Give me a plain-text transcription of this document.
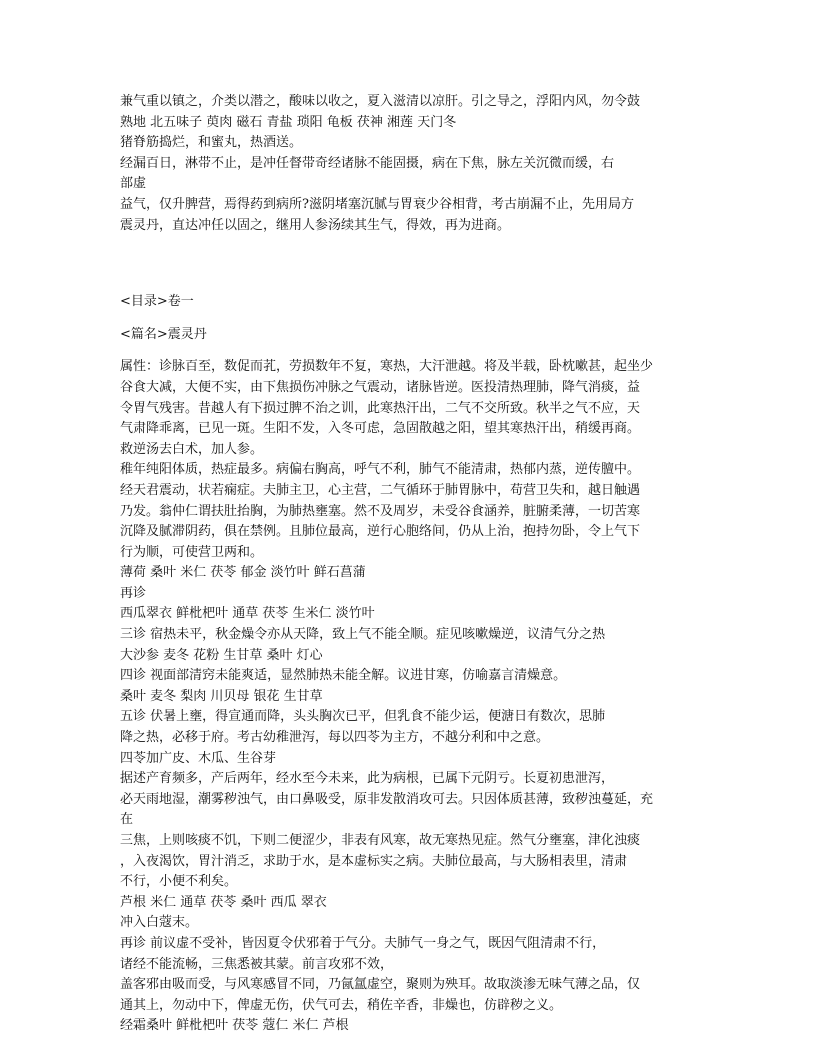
兼气重以镇之，介类以潜之，酸味以收之，夏入滋清以凉肝。引之导之，浮阳内风，勿令鼓

熟地 北五味子 萸肉 磁石 青盐 琐阳 龟板 茯神 湘莲 天门冬

猪脊筋捣烂，和蜜丸，热酒送。

经漏百日，淋带不止，是冲任督带奇经诸脉不能固摄，病在下焦，脉左关沉微而缓，右

部虚

益气，仅升脾营，焉得药到病所?滋阴堵塞沉腻与胃衰少谷相背，考古崩漏不止，先用局方

震灵丹，直达冲任以固之，继用人参汤续其生气，得效，再为进商。

<目录>卷一

<篇名>震灵丹

属性：诊脉百至，数促而芤，劳损数年不复，寒热，大汗泄越。将及半载，卧枕嗽甚，起坐少

谷食大减，大便不实，由下焦损伤冲脉之气震动，诸脉皆逆。医投清热理肺，降气消痰，益

令胃气残害。昔越人有下损过脾不治之训，此寒热汗出，二气不交所致。秋半之气不应，天

气肃降乖离，已见一斑。生阳不发，入冬可虑，急固散越之阳，望其寒热汗出，稍缓再商。

救逆汤去白术，加人参。

稚年纯阳体质，热症最多。病偏右胸高，呼气不利，肺气不能清肃，热郁内蒸，逆传膻中。

经天君震动，状若痫症。夫肺主卫，心主营，二气循环于肺胃脉中，苟营卫失和，越日触遇

乃发。翁仲仁谓扶肚抬胸，为肺热壅塞。然不及周岁，未受谷食涵养，脏腑柔薄，一切苦寒

沉降及腻滞阴药，俱在禁例。且肺位最高，逆行心胞络间，仍从上治，抱持勿卧，令上气下

行为顺，可使营卫两和。

薄荷 桑叶 米仁 茯苓 郁金 淡竹叶 鲜石菖蒲

再诊

西瓜翠衣 鲜枇杷叶 通草 茯苓 生米仁 淡竹叶

三诊 宿热未平，秋金燥令亦从天降，致上气不能全顺。症见咳嗽燥逆，议清气分之热

大沙参 麦冬 花粉 生甘草 桑叶 灯心

四诊 视面部清窍未能爽适，显然肺热未能全解。议进甘寒，仿喻嘉言清燥意。

桑叶 麦冬 梨肉 川贝母 银花 生甘草

五诊 伏暑上壅，得宣通而降，头头胸次已平，但乳食不能少运，便溏日有数次，思肺

降之热，必移于府。考古幼稚泄泻，每以四苓为主方，不越分利和中之意。

四苓加广皮、木瓜、生谷芽

据述产育频多，产后两年，经水至今未来，此为病根，已属下元阴亏。长夏初患泄泻，

必天雨地湿，潮雾秽浊气，由口鼻吸受，原非发散消攻可去。只因体质甚薄，致秽浊蔓延，充

在

三焦，上则咳痰不饥，下则二便涩少，非表有风寒，故无寒热见症。然气分壅塞，津化浊痰

，入夜渴饮，胃汁消乏，求助于水，是本虚标实之病。夫肺位最高，与大肠相表里，清肃

不行，小便不利矣。

芦根 米仁 通草 茯苓 桑叶 西瓜 翠衣

冲入白蔻末。

再诊 前议虚不受补，皆因夏令伏邪着于气分。夫肺气一身之气，既因气阻清肃不行，

诸经不能流畅，三焦悉被其蒙。前言攻邪不效，

盖客邪由吸而受，与风寒感冒不同，乃氤氲虚空，聚则为殃耳。故取淡渗无味气薄之品，仅

通其上，勿动中下，俾虚无伤，伏气可去，稍佐辛香，非燥也，仿辟秽之义。

经霜桑叶 鲜枇杷叶 茯苓 蔻仁 米仁 芦根
